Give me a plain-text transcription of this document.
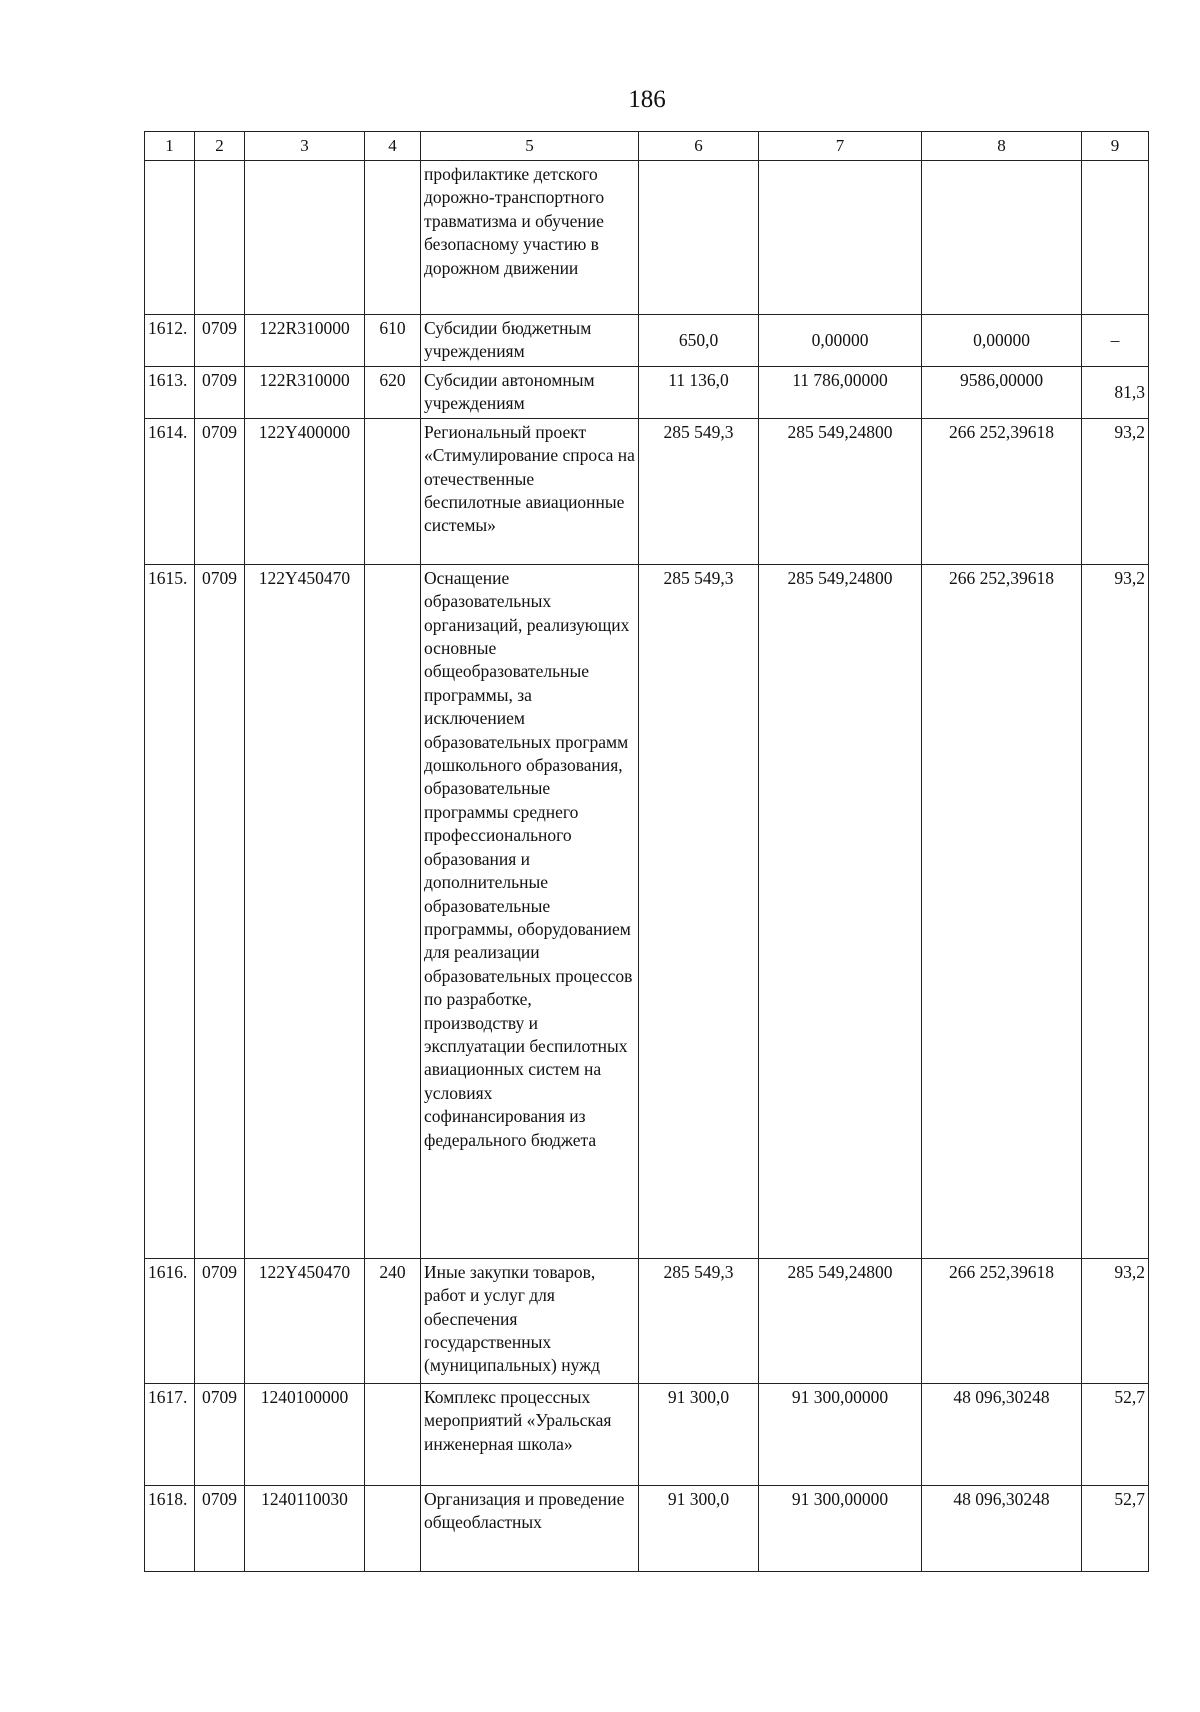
186
1	2	3	4	5	6	7	8	9
				профилактике детского дорожно-транспортного травматизма и обучение безопасному участию в дорожном движении				
1612.	0709	122R310000	610	Субсидии бюджетным учреждениям	650,0	0,00000	0,00000	–
1613.	0709	122R310000	620	Субсидии автономным учреждениям	11 136,0	11 786,00000	9586,00000	81,3
1614.	0709	122Y400000		Региональный проект «Стимулирование спроса на отечественные беспилотные авиационные системы»	285 549,3	285 549,24800	266 252,39618	93,2
1615.	0709	122Y450470		Оснащение образовательных организаций, реализующих основные общеобразовательные программы, за исключением образовательных программ дошкольного образования, образовательные программы среднего профессионального образования и дополнительные образовательные программы, оборудованием для реализации образовательных процессов по разработке, производству и эксплуатации беспилотных авиационных систем на условиях софинансирования из федерального бюджета	285 549,3	285 549,24800	266 252,39618	93,2
1616.	0709	122Y450470	240	Иные закупки товаров, работ и услуг для обеспечения государственных (муниципальных) нужд	285 549,3	285 549,24800	266 252,39618	93,2
1617.	0709	1240100000		Комплекс процессных мероприятий «Уральская инженерная школа»	91 300,0	91 300,00000	48 096,30248	52,7
1618.	0709	1240110030		Организация и проведение общеобластных	91 300,0	91 300,00000	48 096,30248	52,7
